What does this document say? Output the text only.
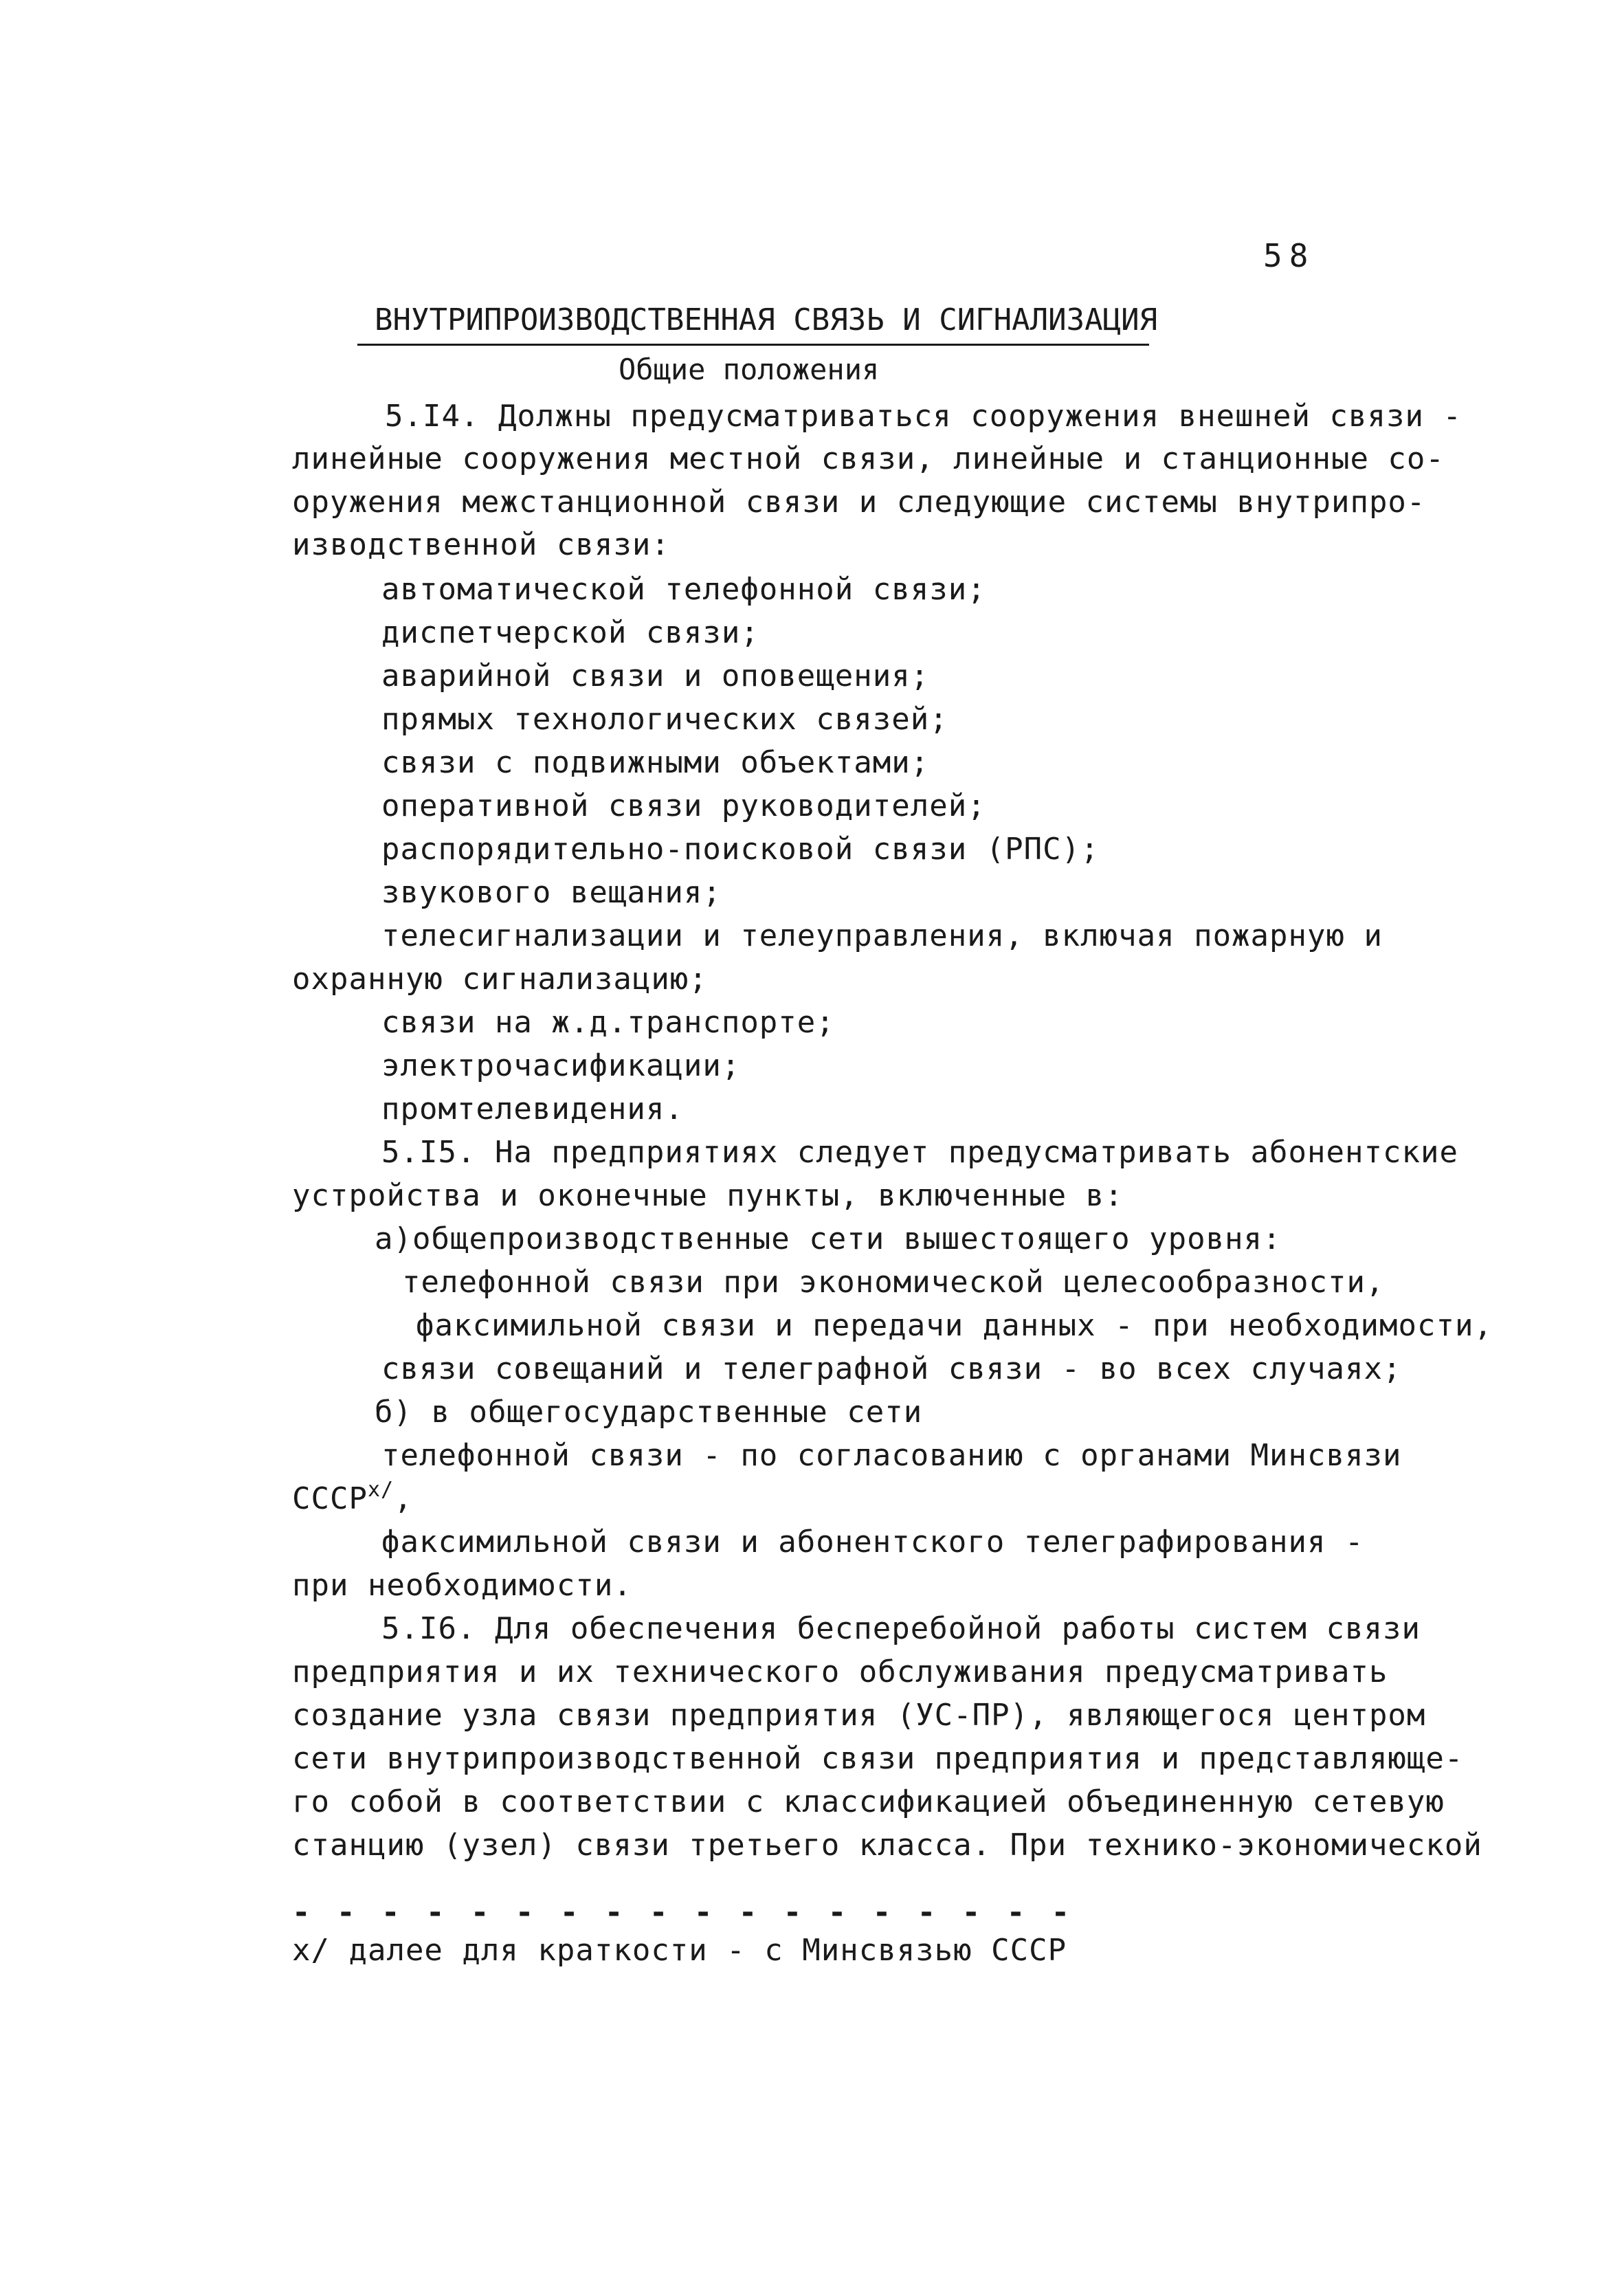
58
ВНУТРИПРОИЗВОДСТВЕННАЯ СВЯЗЬ И СИГНАЛИЗАЦИЯ
Общие положения
5.I4. Должны предусматриваться сооружения внешней связи -
линейные сооружения местной связи, линейные и станционные со-
оружения межстанционной связи и следующие системы внутрипро-
изводственной связи:
автоматической телефонной связи;
диспетчерской связи;
аварийной связи и оповещения;
прямых технологических связей;
связи с подвижными объектами;
оперативной связи руководителей;
распорядительно-поисковой связи (РПС);
звукового вещания;
телесигнализации и телеуправления, включая пожарную и
охранную сигнализацию;
связи на ж.д.транспорте;
электрочасификации;
промтелевидения.
5.I5. На предприятиях следует предусматривать абонентские
устройства и оконечные пункты, включенные в:
а)общепроизводственные сети вышестоящего уровня:
телефонной связи при экономической целесообразности,
факсимильной связи и передачи данных - при необходимости,
связи совещаний и телеграфной связи - во всех случаях;
б) в общегосударственные сети
телефонной связи - по согласованию с органами Минсвязи
$СССР^{x/}$,
факсимильной связи и абонентского телеграфирования -
при необходимости.
5.I6. Для обеспечения бесперебойной работы систем связи
предприятия и их технического обслуживания предусматривать
создание узла связи предприятия (УС-ПР), являющегося центром
сети внутрипроизводственной связи предприятия и представляюще-
го собой в соответствии с классификацией объединенную сетевую
станцию (узел) связи третьего класса. При технико-экономической
- - - - - - - - - - - - - - - - - -
x/ далее для краткости - с Минсвязью СССР
